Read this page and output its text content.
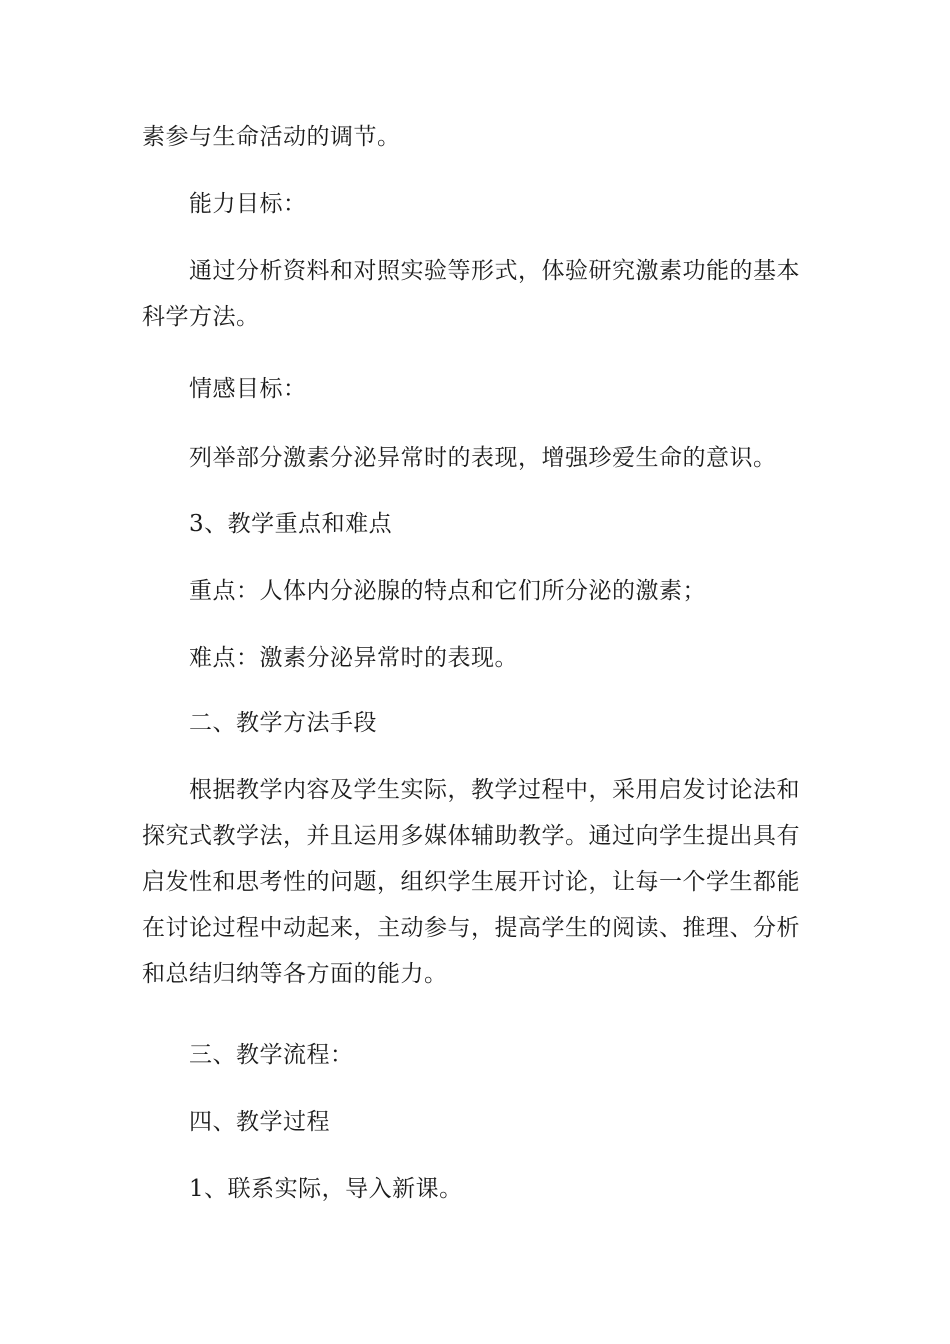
素参与生命活动的调节。

能力目标：

通过分析资料和对照实验等形式，体验研究激素功能的基本科学方法。

情感目标：

列举部分激素分泌异常时的表现，增强珍爱生命的意识。

3、教学重点和难点

重点：人体内分泌腺的特点和它们所分泌的激素；

难点：激素分泌异常时的表现。

二、教学方法手段

根据教学内容及学生实际，教学过程中，采用启发讨论法和探究式教学法，并且运用多媒体辅助教学。通过向学生提出具有启发性和思考性的问题，组织学生展开讨论，让每一个学生都能在讨论过程中动起来，主动参与，提高学生的阅读、推理、分析和总结归纳等各方面的能力。

三、教学流程：

四、教学过程

1、联系实际，导入新课。
